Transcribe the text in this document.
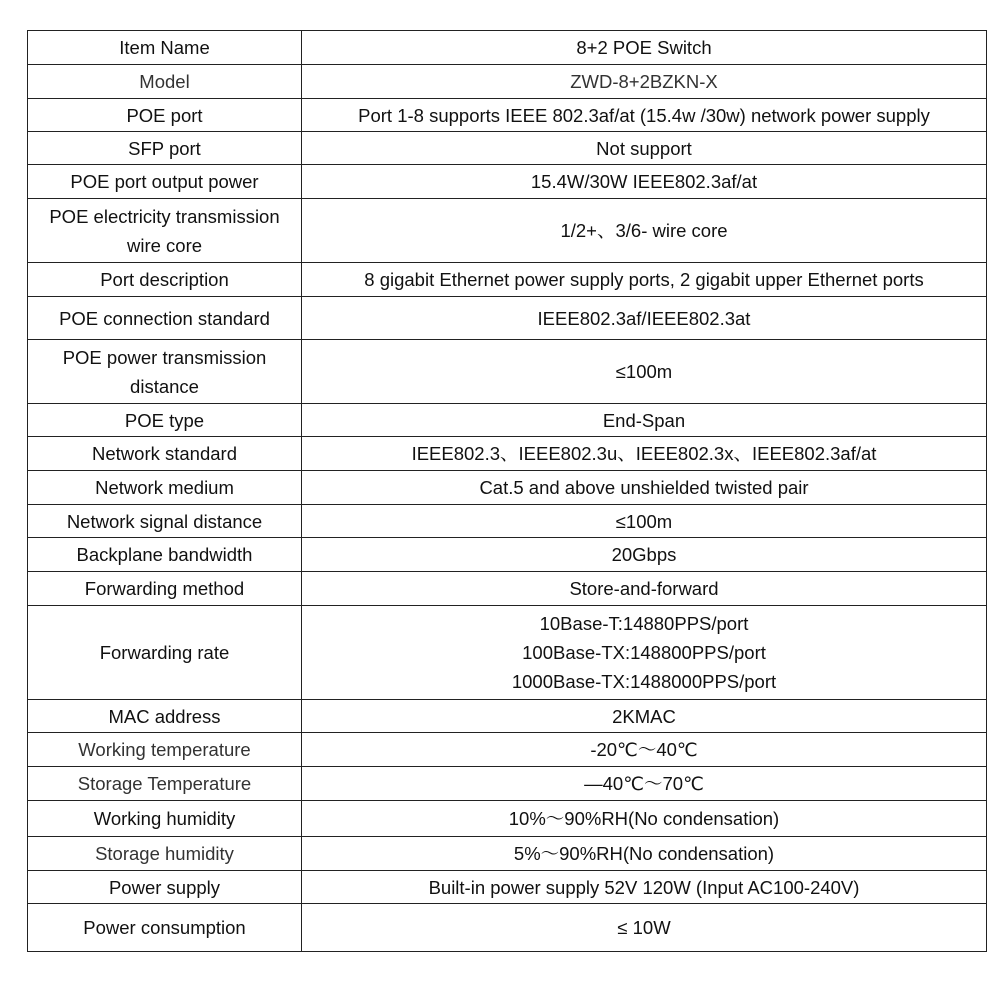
Item Name	8+2 POE Switch

Model	ZWD-8+2BZKN-X

POE port	Port 1-8 supports IEEE 802.3af/at (15.4w /30w) network power supply

SFP port	Not support

POE port output power	15.4W/30W IEEE802.3af/at

POE electricity transmission wire core	1/2+、3/6- wire core

Port description	8 gigabit Ethernet power supply ports, 2 gigabit upper Ethernet ports

POE connection standard	IEEE802.3af/IEEE802.3at

POE power transmission distance	≤100m

POE type	End-Span

Network standard	IEEE802.3、IEEE802.3u、IEEE802.3x、IEEE802.3af/at

Network medium	Cat.5 and above unshielded twisted pair

Network signal distance	≤100m

Backplane bandwidth	20Gbps

Forwarding method	Store-and-forward

Forwarding rate	10Base-T:14880PPS/port
100Base-TX:148800PPS/port
1000Base-TX:1488000PPS/port

MAC address	2KMAC

Working temperature	-20℃～40℃

Storage Temperature	—40℃～70℃

Working humidity	10%～90%RH(No condensation)

Storage humidity	5%～90%RH(No condensation)

Power supply	Built-in power supply 52V 120W (Input AC100-240V)

Power consumption	≤ 10W
